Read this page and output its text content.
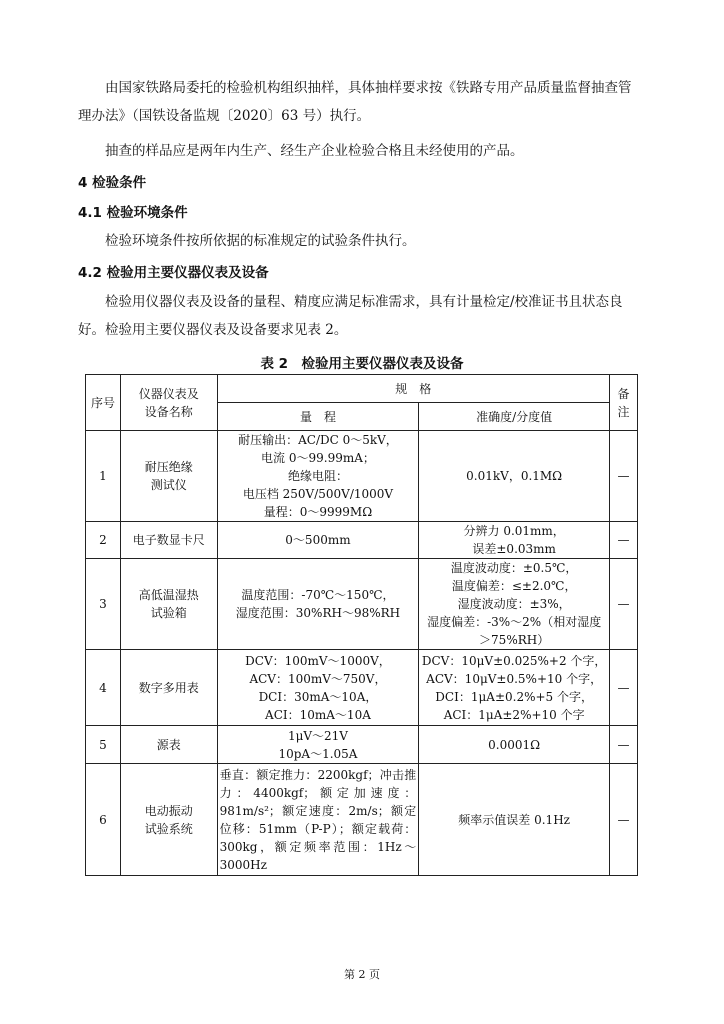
由国家铁路局委托的检验机构组织抽样，具体抽样要求按《铁路专用产品质量监督抽查管理办法》（国铁设备监规〔2020〕63 号）执行。

抽查的样品应是两年内生产、经生产企业检验合格且未经使用的产品。

4 检验条件

4.1 检验环境条件

检验环境条件按所依据的标准规定的试验条件执行。

4.2 检验用主要仪器仪表及设备

检验用仪器仪表及设备的量程、精度应满足标准需求，具有计量检定/校准证书且状态良好。检验用主要仪器仪表及设备要求见表 2。

表 2　检验用主要仪器仪表及设备
序号	仪器仪表及
设备名称	规　格		备注
		量　程	准确度/分度值	
1	耐压绝缘
测试仪	耐压输出：AC/DC 0～5kV，
电流 0～99.99mA；
绝缘电阻：
电压档 250V/500V/1000V
量程：0～9999MΩ	0.01kV，0.1MΩ	—
2	电子数显卡尺	0～500mm	分辨力 0.01mm，
误差±0.03mm	—
3	高低温湿热
试验箱	温度范围：-70℃～150℃，
湿度范围：30%RH～98%RH	温度波动度：±0.5℃，
温度偏差：≤±2.0℃，
湿度波动度：±3%，
湿度偏差：-3%～2%（相对湿度
＞75%RH）	—
4	数字多用表	DCV：100mV～1000V，
ACV：100mV～750V，
DCI：30mA～10A，
ACI：10mA～10A	DCV：10μV±0.025%+2 个字，
ACV：10μV±0.5%+10 个字，
DCI：1μA±0.2%+5 个字，
ACI：1μA±2%+10 个字	—
5	源表	1μV～21V
10pA～1.05A	0.0001Ω	—
6	电动振动
试验系统	垂直：额定推力：2200kgf；冲击推力：4400kgf；额定加速度：981m/s²；额定速度：2m/s；额定位移：51mm（P-P）；额定载荷：300kg，额定频率范围：1Hz～3000Hz	频率示值误差 0.1Hz	—
第 2 页
